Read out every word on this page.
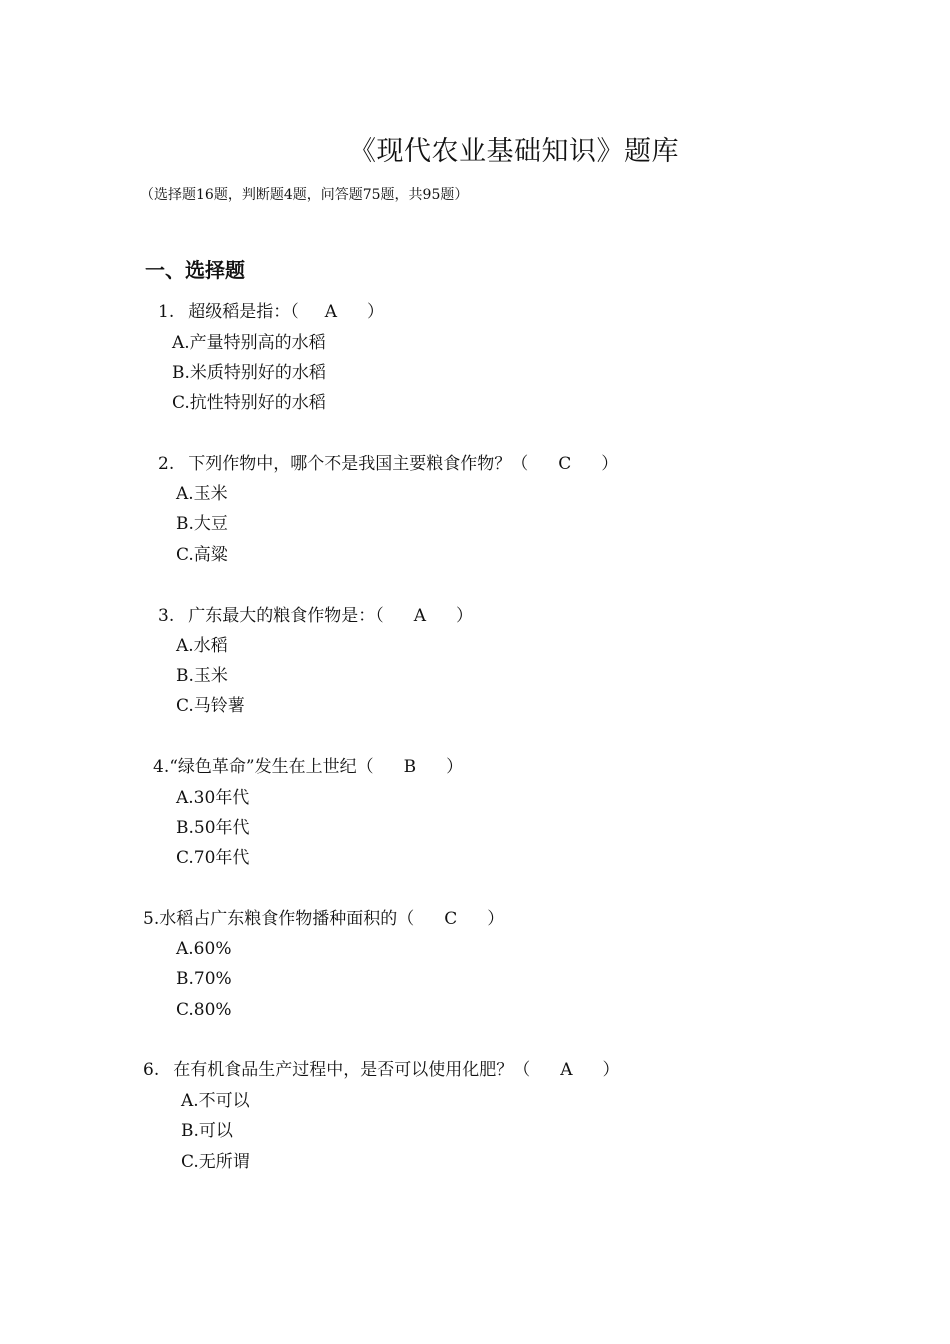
《现代农业基础知识》题库
（选择题16题，判断题4题，问答题75题，共95题）
一、选择题
1. 超级稻是指：（ A ）
A.产量特别高的水稻
B.米质特别好的水稻
C.抗性特别好的水稻
2. 下列作物中，哪个不是我国主要粮食作物？（ C ）
A.玉米
B.大豆
C.高粱
3. 广东最大的粮食作物是：（ A ）
A.水稻
B.玉米
C.马铃薯
4.“绿色革命”发生在上世纪（ B ）
A.30年代
B.50年代
C.70年代
5.水稻占广东粮食作物播种面积的（ C ）
A.60%
B.70%
C.80%
6. 在有机食品生产过程中，是否可以使用化肥？（ A ）
A.不可以
B.可以
C.无所谓
